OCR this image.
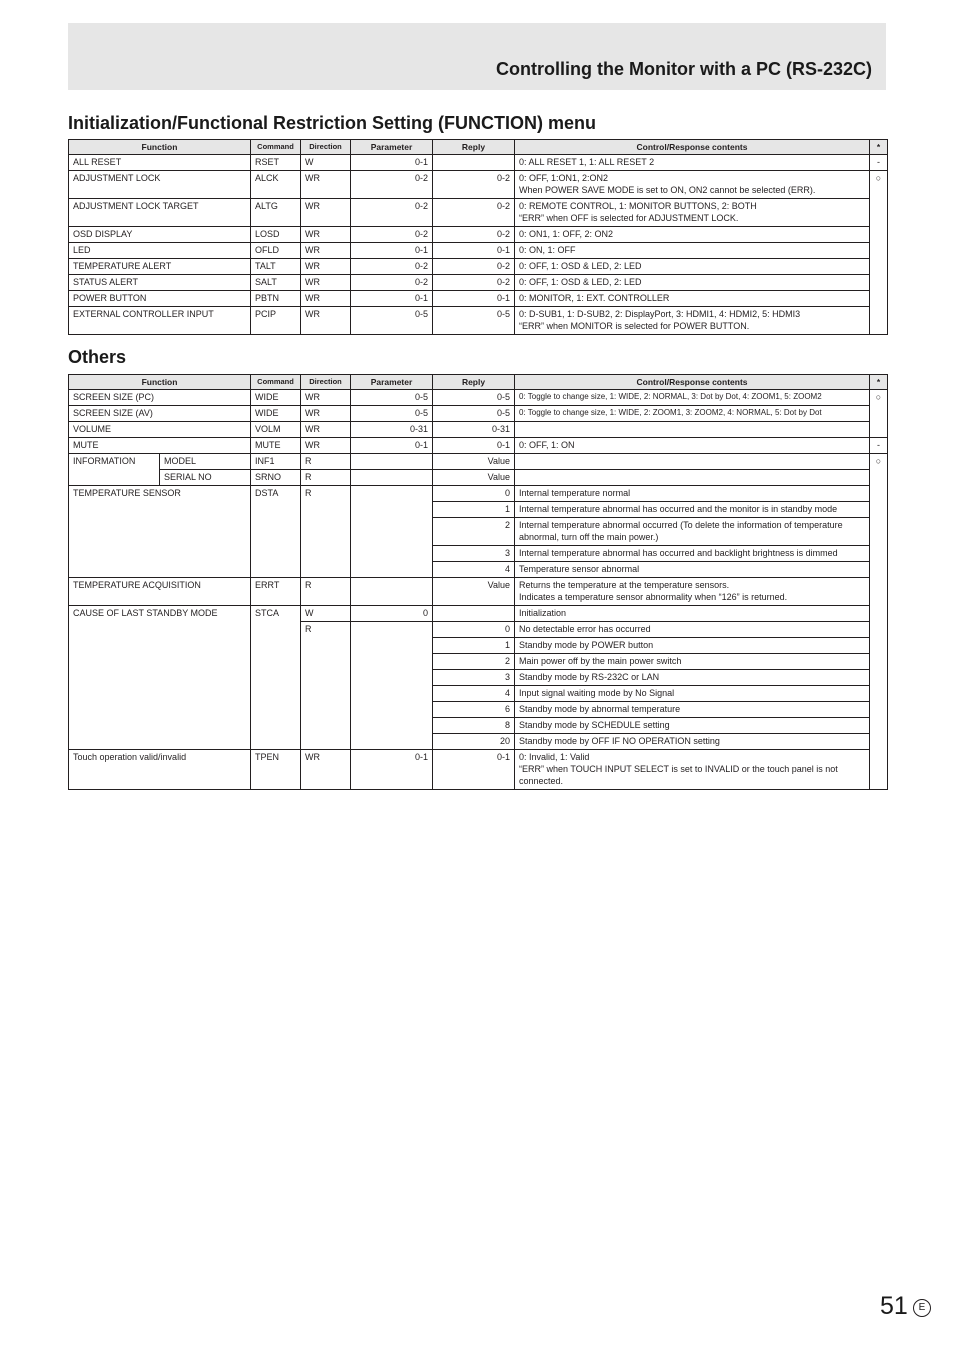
Controlling the Monitor with a PC (RS-232C)
Initialization/Functional Restriction Setting (FUNCTION) menu
Function	Command	Direction	Parameter	Reply	Control/Response contents	*
ALL RESET	RSET	W	0-1		0: ALL RESET 1, 1: ALL RESET 2	-
ADJUSTMENT LOCK	ALCK	WR	0-2	0-2	0: OFF, 1:ON1, 2:ON2
When POWER SAVE MODE is set to ON, ON2 cannot be selected (ERR).	○
ADJUSTMENT LOCK TARGET	ALTG	WR	0-2	0-2	0: REMOTE CONTROL, 1: MONITOR BUTTONS, 2: BOTH
“ERR” when OFF is selected for ADJUSTMENT LOCK.	

OSD DISPLAY	LOSD	WR	0-2	0-2	0: ON1, 1: OFF, 2: ON2	
LED	OFLD	WR	0-1	0-1	0: ON, 1: OFF	
TEMPERATURE ALERT	TALT	WR	0-2	0-2	0: OFF, 1: OSD & LED, 2: LED	
STATUS ALERT	SALT	WR	0-2	0-2	0: OFF, 1: OSD & LED, 2: LED	
POWER BUTTON	PBTN	WR	0-1	0-1	0: MONITOR, 1: EXT. CONTROLLER	
EXTERNAL CONTROLLER INPUT	PCIP	WR	0-5	0-5	0: D-SUB1, 1: D-SUB2, 2: DisplayPort, 3: HDMI1, 4: HDMI2, 5: HDMI3
“ERR” when MONITOR is selected for POWER BUTTON.	
Others
Function		Command	Direction	Parameter	Reply	Control/Response contents	*	
SCREEN SIZE (PC)		WIDE	WR	0-5	0-5	0: Toggle to change size, 1: WIDE, 2: NORMAL, 3: Dot by Dot, 4: ZOOM1, 5: ZOOM2	○	
SCREEN SIZE (AV)		WIDE	WR	0-5	0-5	0: Toggle to change size, 1: WIDE, 2: ZOOM1, 3: ZOOM2, 4: NORMAL, 5: Dot by Dot		
VOLUME		VOLM	WR	0-31	0-31			
MUTE		MUTE	WR	0-1	0-1	0: OFF, 1: ON	-	
INFORMATION	MODEL	INF1	R		Value		○	
	SERIAL NO	SRNO	R		Value			
TEMPERATURE SENSOR		DSTA	R		0	Internal temperature normal		
					1	Internal temperature abnormal has occurred and the monitor is in standby mode		
					2	Internal temperature abnormal occurred (To delete the information of temperature abnormal, turn off the main power.)		
					3	Internal temperature abnormal has occurred and backlight brightness is dimmed		
					4	Temperature sensor abnormal		
TEMPERATURE ACQUISITION		ERRT	R		Value	Returns the temperature at the temperature sensors.
Indicates a temperature sensor abnormality when “126” is returned.		

CAUSE OF LAST STANDBY MODE		STCA	W	0		Initialization		
			R		0	No detectable error has occurred		
					1	Standby mode by POWER button		
					2	Main power off by the main power switch		
					3	Standby mode by RS-232C or LAN		
					4	Input signal waiting mode by No Signal		
					6	Standby mode by abnormal temperature		
					8	Standby mode by SCHEDULE setting		
					20	Standby mode by OFF IF NO OPERATION setting		
Touch operation valid/invalid		TPEN	WR	0-1	0-1	0: Invalid, 1: Valid
“ERR” when TOUCH INPUT SELECT is set to INVALID or the touch panel is not connected.

51	E
